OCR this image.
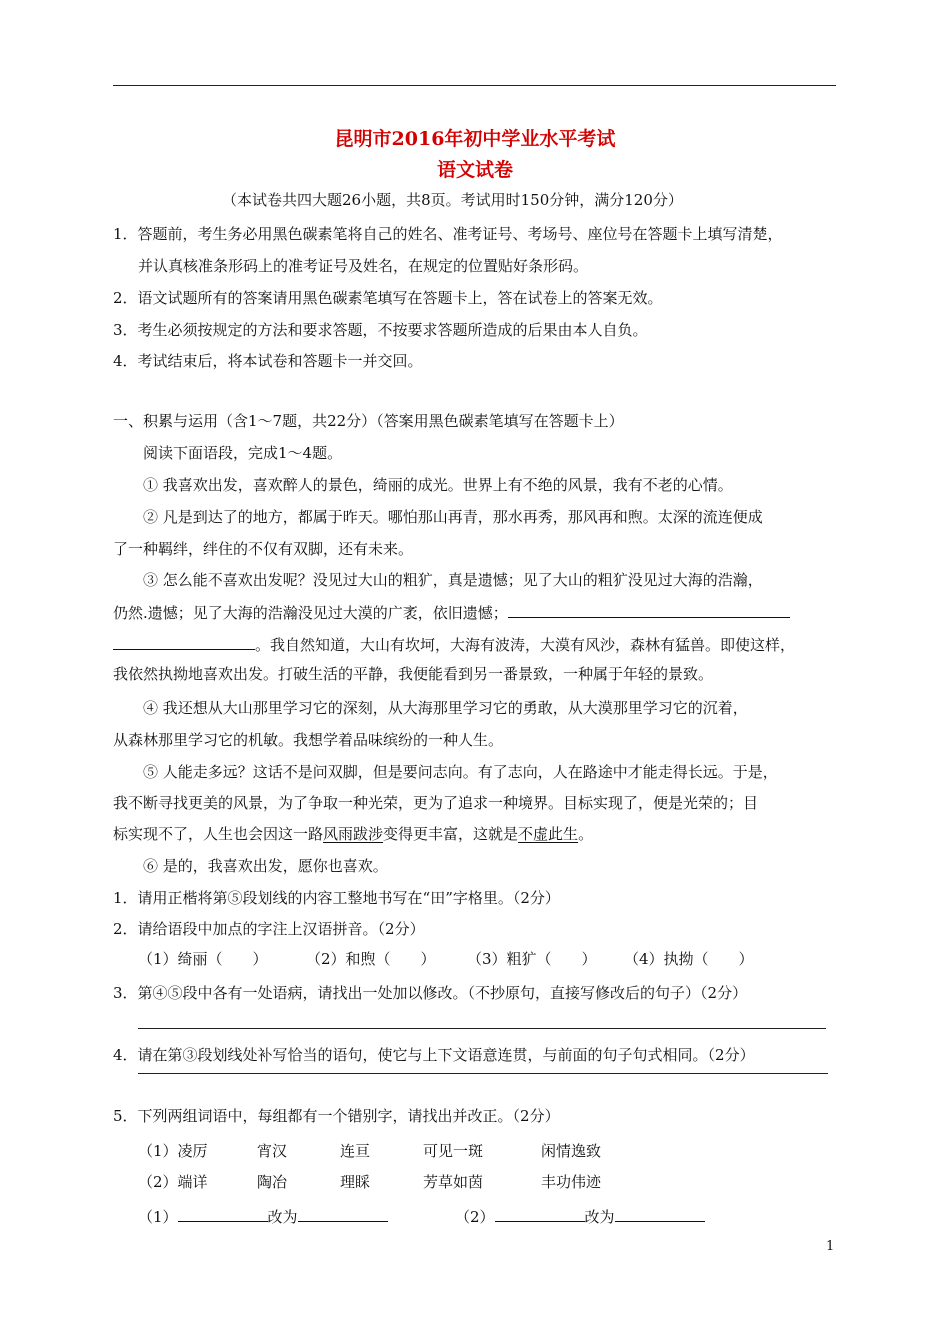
昆明市2016年初中学业水平考试
语文试卷
（本试卷共四大题26小题，共8页。考试用时150分钟，满分120分）
1．答题前，考生务必用黑色碳素笔将自己的姓名、准考证号、考场号、座位号在答题卡上填写清楚，
并认真核准条形码上的准考证号及姓名，在规定的位置贴好条形码。
2．语文试题所有的答案请用黑色碳素笔填写在答题卡上，答在试卷上的答案无效。
3．考生必须按规定的方法和要求答题，不按要求答题所造成的后果由本人自负。
4．考试结束后，将本试卷和答题卡一并交回。
一、积累与运用（含1～7题，共22分）（答案用黑色碳素笔填写在答题卡上）
阅读下面语段，完成1～4题。
① 我喜欢出发，喜欢醉人的景色，绮丽的成光。世界上有不绝的风景，我有不老的心情。
② 凡是到达了的地方，都属于昨天。哪怕那山再青，那水再秀，那风再和煦。太深的流连便成
了一种羁绊，绊住的不仅有双脚，还有未来。
③ 怎么能不喜欢出发呢？没见过大山的粗犷，真是遗憾；见了大山的粗犷没见过大海的浩瀚，
仍然.遗憾；见了大海的浩瀚没见过大漠的广袤，依旧遗憾；
。我自然知道，大山有坎坷，大海有波涛，大漠有风沙，森林有猛兽。即使这样，
我依然执拗地喜欢出发。打破生活的平静，我便能看到另一番景致，一种属于年轻的景致。
④ 我还想从大山那里学习它的深刻，从大海那里学习它的勇敢，从大漠那里学习它的沉着，
从森林那里学习它的机敏。我想学着品味缤纷的一种人生。
⑤ 人能走多远？这话不是问双脚，但是要问志向。有了志向，人在路途中才能走得长远。于是，
我不断寻找更美的风景，为了争取一种光荣，更为了追求一种境界。目标实现了，便是光荣的；目
标实现不了，人生也会因这一路风雨跋涉变得更丰富，这就是不虚此生。
⑥ 是的，我喜欢出发，愿你也喜欢。
1．请用正楷将第⑤段划线的内容工整地书写在“田”字格里。（2分）
2．请给语段中加点的字注上汉语拼音。（2分）
（1）绮丽（　　）	（2）和煦（　　） （3）粗犷（　　） （4）执拗（　　）
3．第④⑤段中各有一处语病，请找出一处加以修改。（不抄原句，直接写修改后的句子）（2分）
4．请在第③段划线处补写恰当的语句，使它与上下文语意连贯，与前面的句子句式相同。（2分）
5．下列两组词语中，每组都有一个错别字，请找出并改正。（2分）
（1）凌厉	宵汉	连亘	可见一斑	闲情逸致
（2）端详	陶冶	理睬	芳草如茵	丰功伟迹
（1）	改为	（2）	改为
1
